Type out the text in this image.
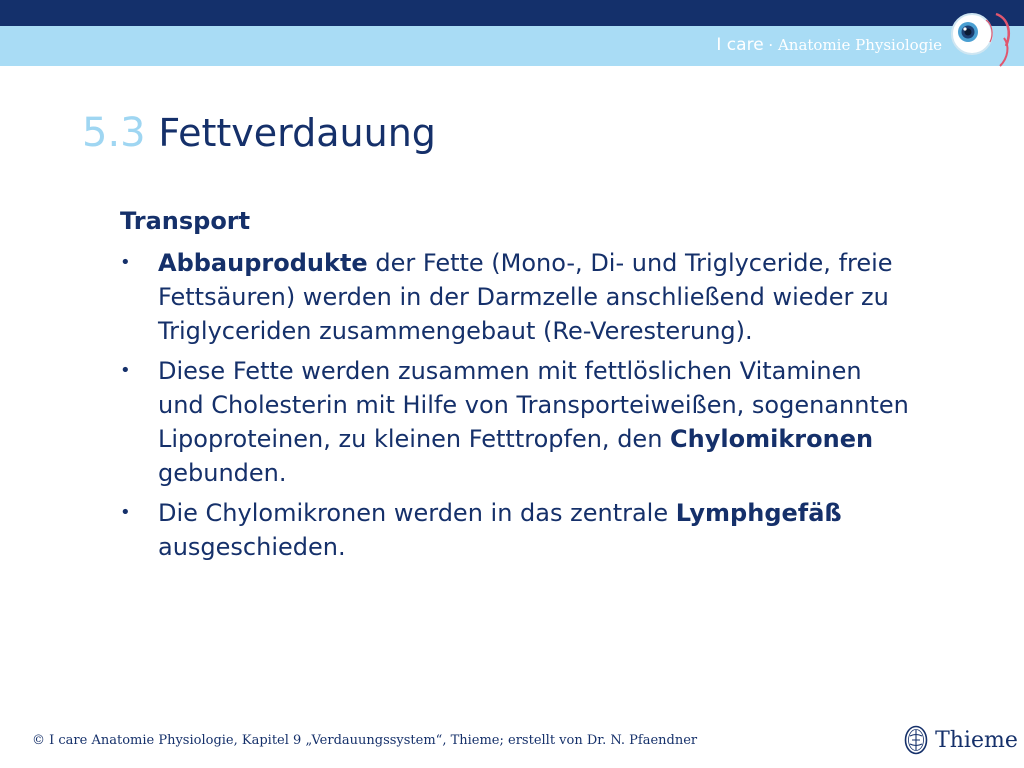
I care · Anatomie Physiologie
5.3 Fettverdauung
Transport
• Abbauprodukte der Fette (Mono-, Di- und Triglyceride, freie Fettsäuren) werden in der Darmzelle anschließend wieder zu Triglyceriden zusammengebaut (Re-Veresterung).
• Diese Fette werden zusammen mit fettlöslichen Vitaminen und Cholesterin mit Hilfe von Transporteiweißen, sogenannten Lipoproteinen, zu kleinen Fetttropfen, den Chylomikronen gebunden.
• Die Chylomikronen werden in das zentrale Lymphgefäß ausgeschieden.
© I care Anatomie Physiologie, Kapitel 9 „Verdauungssystem“, Thieme; erstellt von Dr. N. Pfaendner	Thieme
